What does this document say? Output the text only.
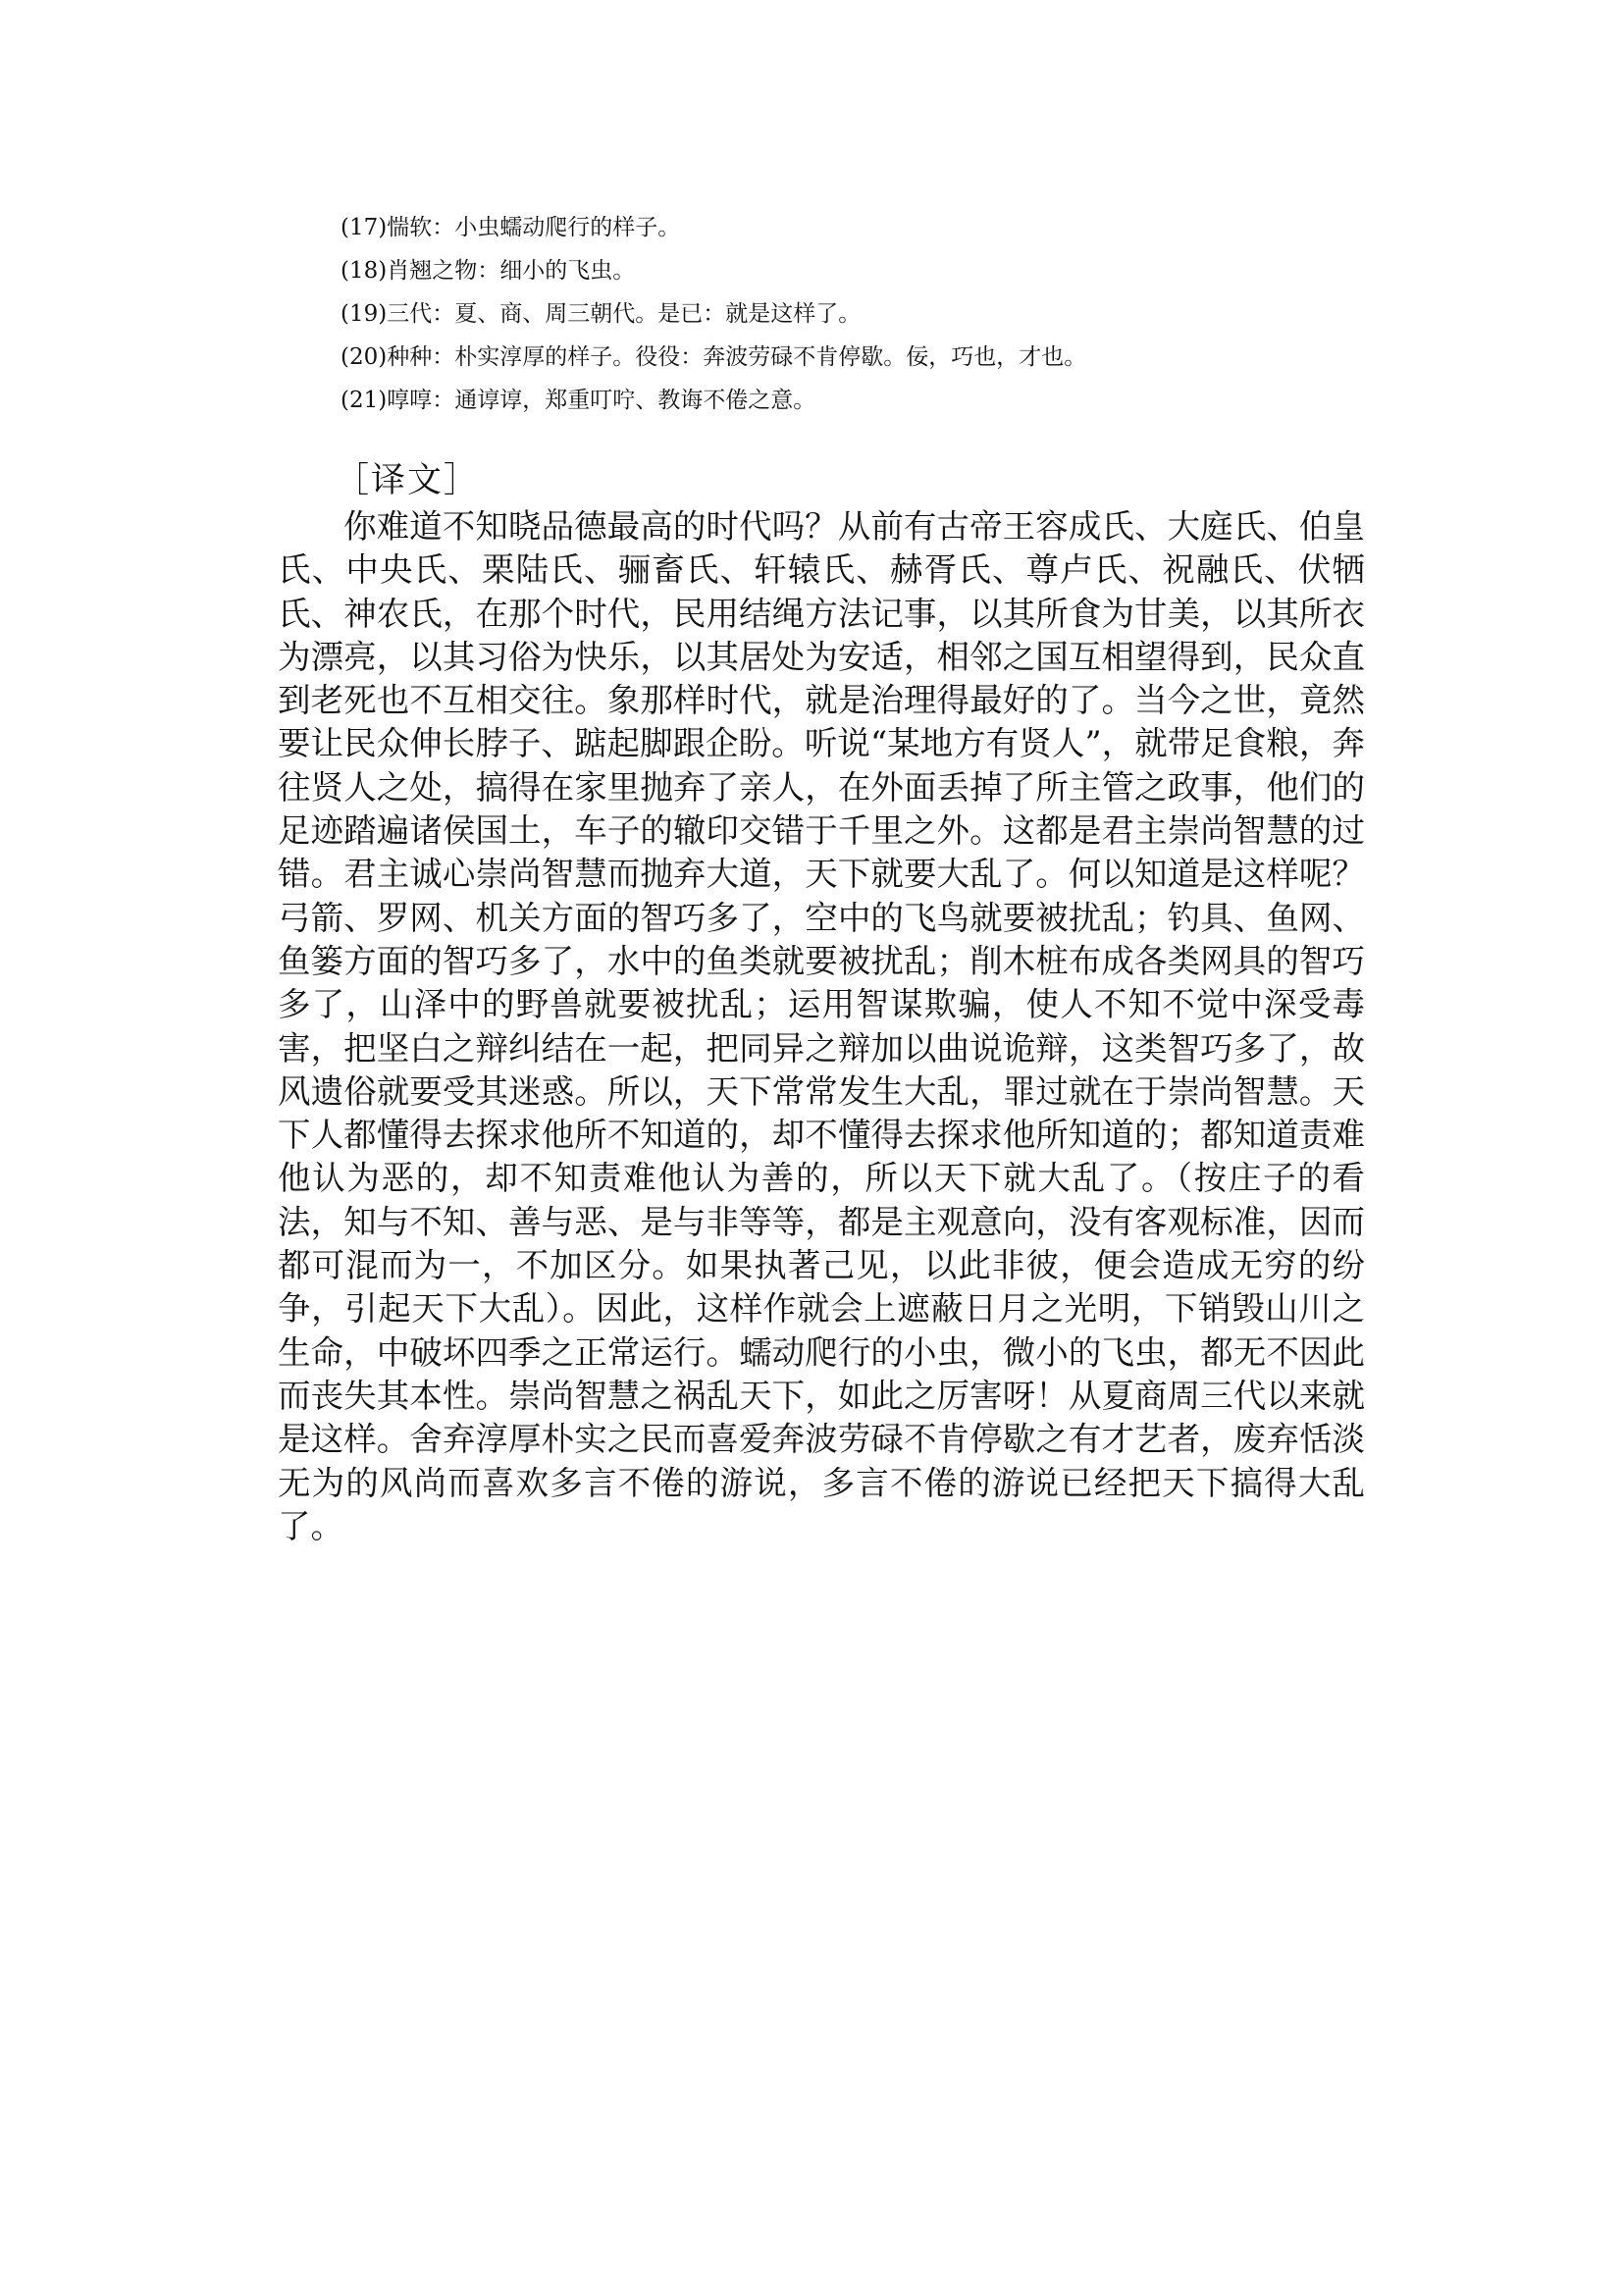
(17)惴软：小虫蠕动爬行的样子。

(18)肖翘之物：细小的飞虫。

(19)三代：夏、商、周三朝代。是已：就是这样了。

(20)种种：朴实淳厚的样子。役役：奔波劳碌不肯停歇。佞，巧也，才也。

(21)啍啍：通谆谆，郑重叮咛、教诲不倦之意。

［译文］

你难道不知晓品德最高的时代吗？从前有古帝王容成氏、大庭氏、伯皇氏、中央氏、栗陆氏、骊畜氏、轩辕氏、赫胥氏、尊卢氏、祝融氏、伏牺氏、神农氏，在那个时代，民用结绳方法记事，以其所食为甘美，以其所衣为漂亮，以其习俗为快乐，以其居处为安适，相邻之国互相望得到，民众直到老死也不互相交往。象那样时代，就是治理得最好的了。当今之世，竟然要让民众伸长脖子、踮起脚跟企盼。听说“某地方有贤人”，就带足食粮，奔往贤人之处，搞得在家里抛弃了亲人，在外面丢掉了所主管之政事，他们的足迹踏遍诸侯国土，车子的辙印交错于千里之外。这都是君主崇尚智慧的过错。君主诚心崇尚智慧而抛弃大道，天下就要大乱了。何以知道是这样呢？弓箭、罗网、机关方面的智巧多了，空中的飞鸟就要被扰乱；钓具、鱼网、鱼篓方面的智巧多了，水中的鱼类就要被扰乱；削木桩布成各类网具的智巧多了，山泽中的野兽就要被扰乱；运用智谋欺骗，使人不知不觉中深受毒害，把坚白之辩纠结在一起，把同异之辩加以曲说诡辩，这类智巧多了，故风遗俗就要受其迷惑。所以，天下常常发生大乱，罪过就在于崇尚智慧。天下人都懂得去探求他所不知道的，却不懂得去探求他所知道的；都知道责难他认为恶的，却不知责难他认为善的，所以天下就大乱了。（按庄子的看法，知与不知、善与恶、是与非等等，都是主观意向，没有客观标准，因而都可混而为一，不加区分。如果执著己见，以此非彼，便会造成无穷的纷争，引起天下大乱）。因此，这样作就会上遮蔽日月之光明，下销毁山川之生命，中破坏四季之正常运行。蠕动爬行的小虫，微小的飞虫，都无不因此而丧失其本性。崇尚智慧之祸乱天下，如此之厉害呀！从夏商周三代以来就是这样。舍弃淳厚朴实之民而喜爱奔波劳碌不肯停歇之有才艺者，废弃恬淡无为的风尚而喜欢多言不倦的游说，多言不倦的游说已经把天下搞得大乱了。
